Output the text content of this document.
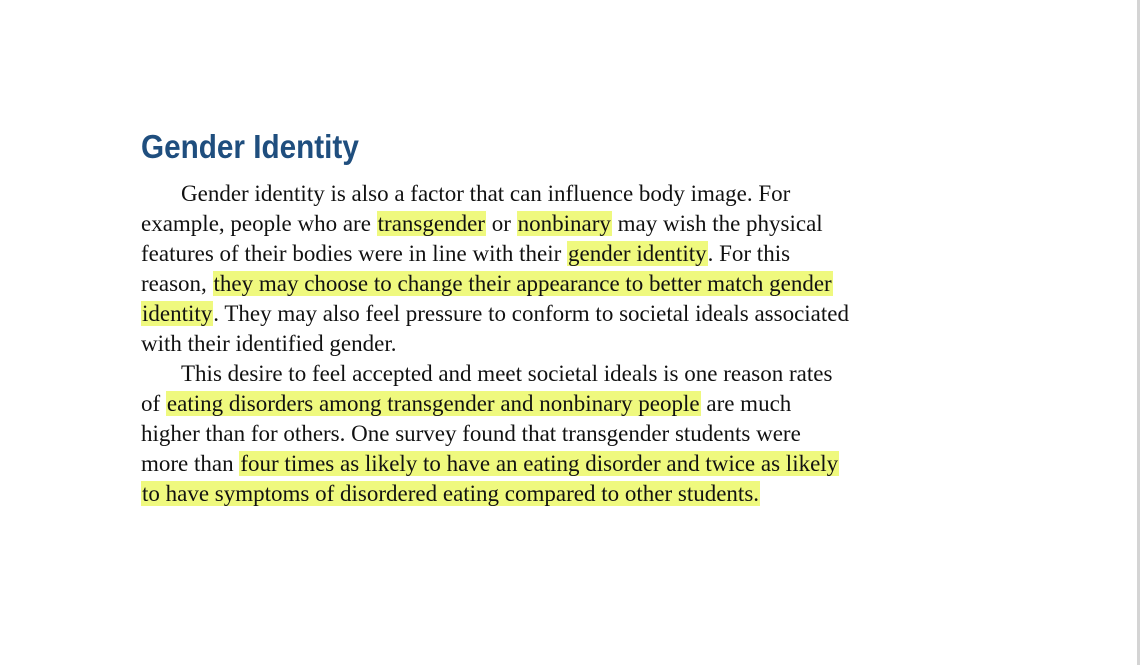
Gender Identity
Gender identity is also a factor that can influence body image. For
example, people who are transgender or nonbinary may wish the physical
features of their bodies were in line with their gender identity. For this
reason, they may choose to change their appearance to better match gender
identity. They may also feel pressure to conform to societal ideals associated
with their identified gender.
This desire to feel accepted and meet societal ideals is one reason rates
of eating disorders among transgender and nonbinary people are much
higher than for others. One survey found that transgender students were
more than four times as likely to have an eating disorder and twice as likely
to have symptoms of disordered eating compared to other students.
